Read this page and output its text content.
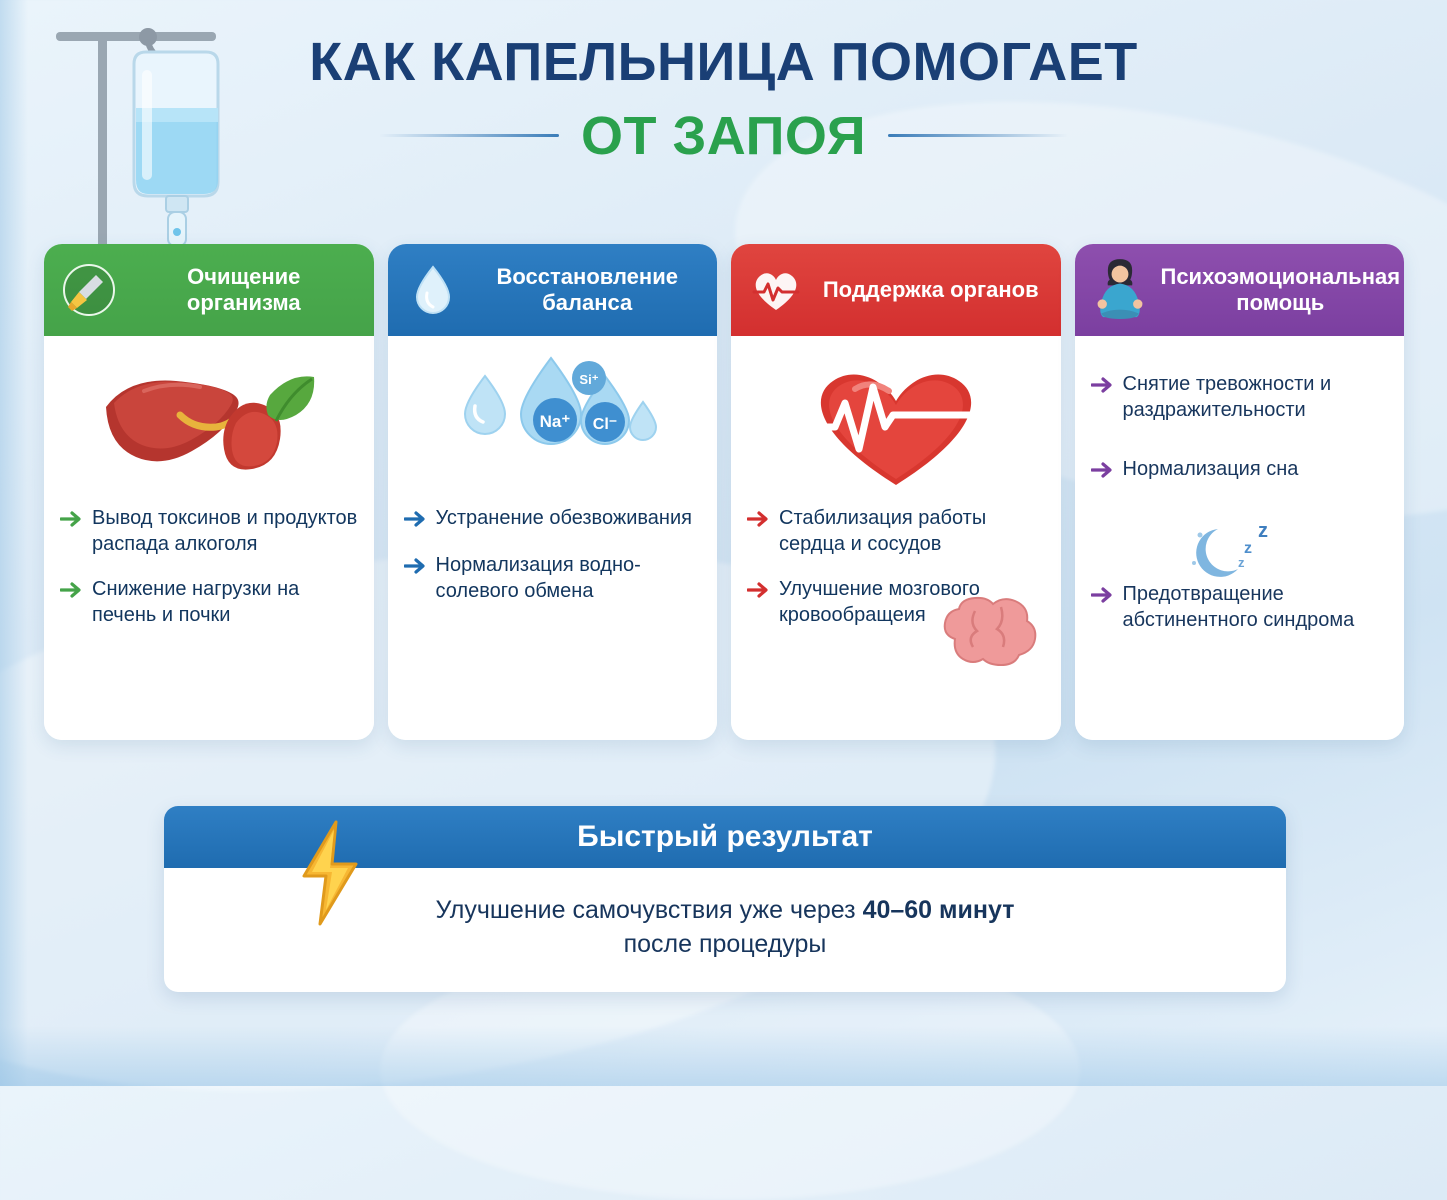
КАК КАПЕЛЬНИЦА ПОМОГАЕТ
ОТ ЗАПОЯ
Очищение организма
Вывод токсинов и продуктов распада алкоголя
Снижение нагрузки на печень и почки
Восстановление баланса
Na⁺ Cl⁻
Si⁺
Устранение обезвоживания
Нормализация водно-солевого обмена
Поддержка органов
Стабилизация работы сердца и сосудов
Улучшение мозгового кровообращеия
Психоэмоциональная помощь
Снятие тревожности и раздражительности
Нормализация сна
z
z
z
Предотвращение абстинентного синдрома
Быстрый результат
Улучшение самочувствия уже через 40–60 минут
после процедуры
